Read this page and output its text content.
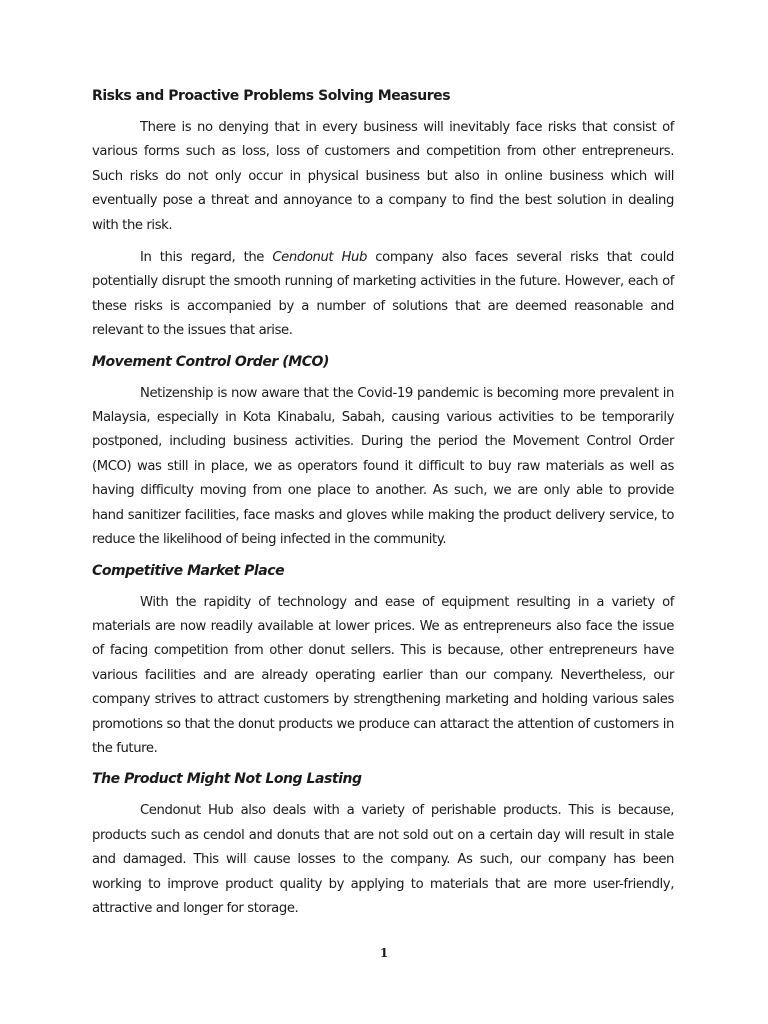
Risks and Proactive Problems Solving Measures

There is no denying that in every business will inevitably face risks that consist of various forms such as loss, loss of customers and competition from other entrepreneurs. Such risks do not only occur in physical business but also in online business which will eventually pose a threat and annoyance to a company to find the best solution in dealing with the risk.

In this regard, the Cendonut Hub company also faces several risks that could potentially disrupt the smooth running of marketing activities in the future. However, each of these risks is accompanied by a number of solutions that are deemed reasonable and relevant to the issues that arise.

Movement Control Order (MCO)

Netizenship is now aware that the Covid-19 pandemic is becoming more prevalent in Malaysia, especially in Kota Kinabalu, Sabah, causing various activities to be temporarily postponed, including business activities. During the period the Movement Control Order (MCO) was still in place, we as operators found it difficult to buy raw materials as well as having difficulty moving from one place to another. As such, we are only able to provide hand sanitizer facilities, face masks and gloves while making the product delivery service, to reduce the likelihood of being infected in the community.

Competitive Market Place

With the rapidity of technology and ease of equipment resulting in a variety of materials are now readily available at lower prices. We as entrepreneurs also face the issue of facing competition from other donut sellers. This is because, other entrepreneurs have various facilities and are already operating earlier than our company. Nevertheless, our company strives to attract customers by strengthening marketing and holding various sales promotions so that the donut products we produce can attaract the attention of customers in the future.

The Product Might Not Long Lasting

Cendonut Hub also deals with a variety of perishable products. This is because, products such as cendol and donuts that are not sold out on a certain day will result in stale and damaged. This will cause losses to the company. As such, our company has been working to improve product quality by applying to materials that are more user-friendly, attractive and longer for storage.

1
